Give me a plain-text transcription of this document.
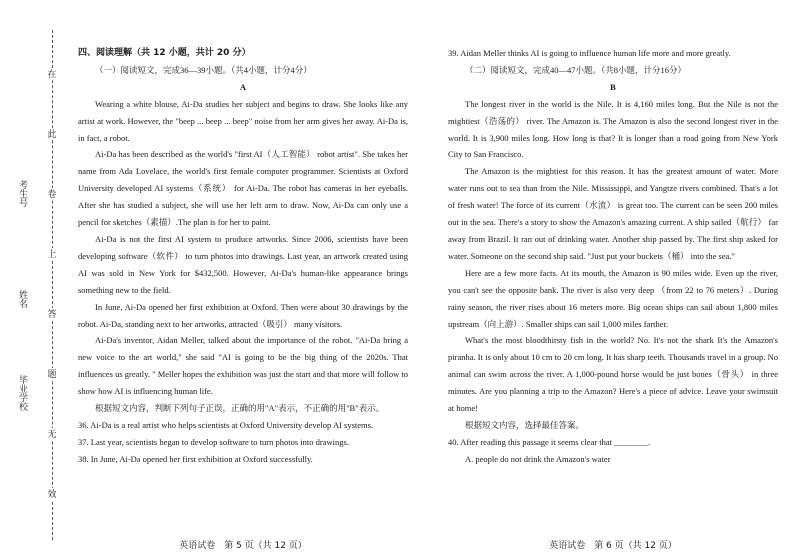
在
此
卷
上
答
题
无
效
考生号
姓名
毕业学校

四、阅读理解（共 12 小题，共计 20 分）

（一）阅读短文，完成36—39小题。（共4小题，计分4分）

A

Wearing a white blouse, Ai-Da studies her subject and begins to draw. She looks like any artist at work. However, the "beep ... beep ... beep" noise from her arm gives her away. Ai-Da is, in fact, a robot.

Ai-Da has been described as the world's "first AI（人工智能） robot artist". She takes her name from Ada Lovelace, the world's first female computer programmer. Scientists at Oxford University developed AI systems（系统） for Ai-Da. The robot has cameras in her eyeballs. After she has studied a subject, she will use her left arm to draw. Now, Ai-Da can only use a pencil for sketches（素描）.The plan is for her to paint.

Ai-Da is not the first AI system to produce artworks. Since 2006, scientists have been developing software（软件） to turn photos into drawings. Last year, an artwork created using AI was sold in New York for $432,500. However, Ai-Da's human-like appearance brings something new to the field.

In June, Ai-Da opened her first exhibition at Oxford. Then were about 30 drawings by the robot. Ai-Da, standing next to her artworks, attracted（吸引） many visitors.

Ai-Da's inventor, Aidan Meller, talked about the importance of the robot. "Ai-Da bring a new voice to the art world," she said "AI is going to be the big thing of the 2020s. That influences us greatly. " Meller hopes the exhibition was just the start and that more will follow to show how AI is influencing human life.

根据短文内容，判断下列句子正误，正确的用"A"表示，不正确的用"B"表示。

36. Ai-Da is a real artist who helps scientists at Oxford University develop AI systems.

37. Last year, scientists began to develop software to turn photos into drawings.

38. In June, Ai-Da opened her first exhibition at Oxford successfully.

39. Aidan Meller thinks AI is going to influence human life more and more greatly.

（二）阅读短文，完成40—47小题。（共8小题，计分16分）

B

The longest river in the world is the Nile. It is 4,160 miles long. But the Nile is not the mightiest（浩荡的） river. The Amazon is. The Amazon is also the second longest river in the world. It is 3,900 miles long. How long is that? It is longer than a road going from New York City to San Francisco.

The Amazon is the mightiest for this reason. It has the greatest amount of water. More water runs out to sea than from the Nile. Mississippi, and Yangtze rivers combined. That's a lot of fresh water! The force of its current（水流） is great too. The current can be seen 200 miles out in the sea. There's a story to show the Amazon's amazing current. A ship sailed（航行） far away from Brazil. It ran out of drinking water. Another ship passed by. The first ship asked for water. Someone on the second ship said. "Just put your buckets（桶） into the sea."

Here are a few more facts. At its mouth, the Amazon is 90 miles wide. Even up the river, you can't see the opposite bank. The river is also very deep （from 22 to 76 meters）. During rainy season, the river rises about 16 meters more. Big ocean ships can sail about 1,800 miles upstream（向上游）. Smaller ships can sail 1,000 miles farther.

What's the most bloodthirsty fish in the world? No. It's not the shark It's the Amazon's piranha. It is only about 10 cm to 20 cm long. It has sharp teeth. Thousands travel in a group. No animal can swim across the river. A 1,000-pound horse would be just bones（骨头） in three minutes. Are you planning a trip to the Amazon? Here's a piece of advice. Leave your swimsuit at home!

根据短文内容，选择最佳答案。

40. After reading this passage it seems clear that ________.

A. people do not drink the Amazon's water

英语试卷　第 5 页（共 12 页）	英语试卷　第 6 页（共 12 页）
